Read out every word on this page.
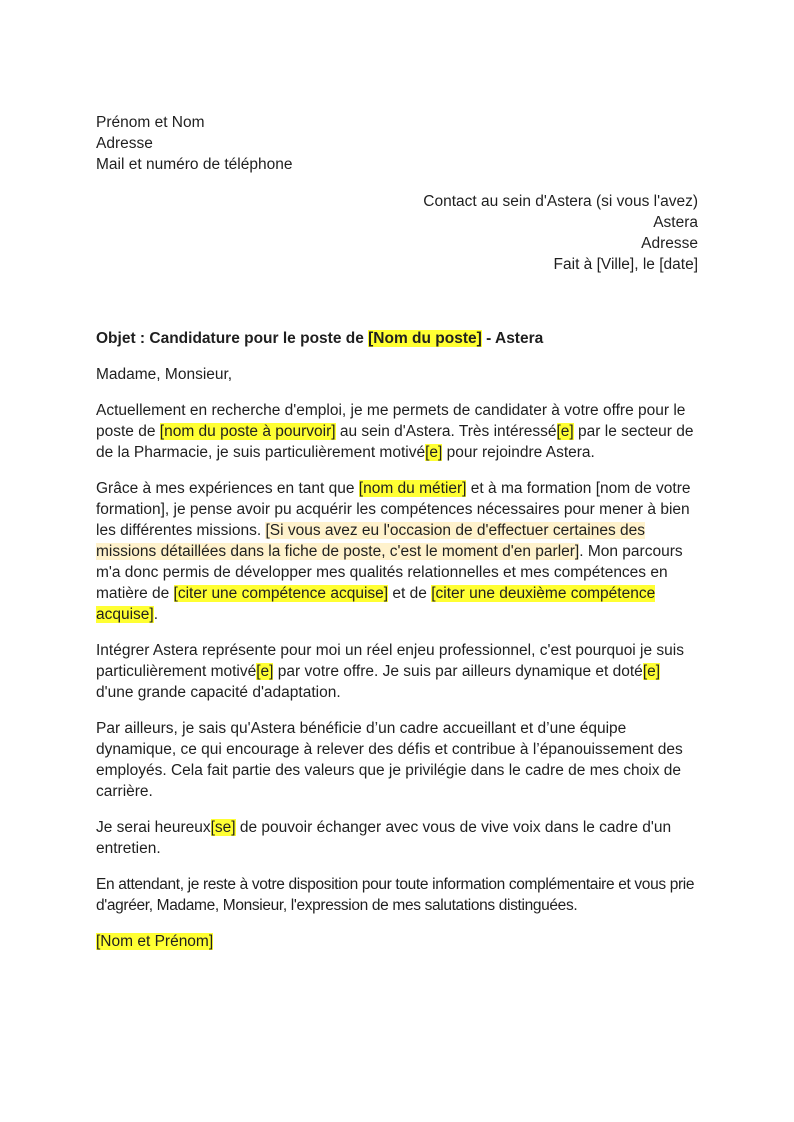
Prénom et Nom
Adresse
Mail et numéro de téléphone
Contact au sein d'Astera (si vous l'avez)
Astera
Adresse
Fait à [Ville], le [date]

Objet : Candidature pour le poste de [Nom du poste] - Astera

Madame, Monsieur,

Actuellement en recherche d'emploi, je me permets de candidater à votre offre pour le poste de [nom du poste à pourvoir] au sein d'Astera. Très intéressé[e] par le secteur de de la Pharmacie, je suis particulièrement motivé[e] pour rejoindre Astera.

Grâce à mes expériences en tant que [nom du métier] et à ma formation [nom de votre formation], je pense avoir pu acquérir les compétences nécessaires pour mener à bien les différentes missions. [Si vous avez eu l'occasion de d'effectuer certaines des missions détaillées dans la fiche de poste, c'est le moment d'en parler]. Mon parcours m'a donc permis de développer mes qualités relationnelles et mes compétences en matière de [citer une compétence acquise] et de [citer une deuxième compétence acquise].

Intégrer Astera représente pour moi un réel enjeu professionnel, c'est pourquoi je suis particulièrement motivé[e] par votre offre. Je suis par ailleurs dynamique et doté[e] d'une grande capacité d'adaptation.

Par ailleurs, je sais qu'Astera bénéficie d’un cadre accueillant et d’une équipe dynamique, ce qui encourage à relever des défis et contribue à l’épanouissement des employés. Cela fait partie des valeurs que je privilégie dans le cadre de mes choix de carrière.

Je serai heureux[se] de pouvoir échanger avec vous de vive voix dans le cadre d'un entretien.

En attendant, je reste à votre disposition pour toute information complémentaire et vous prie d'agréer, Madame, Monsieur, l'expression de mes salutations distinguées.

[Nom et Prénom]
